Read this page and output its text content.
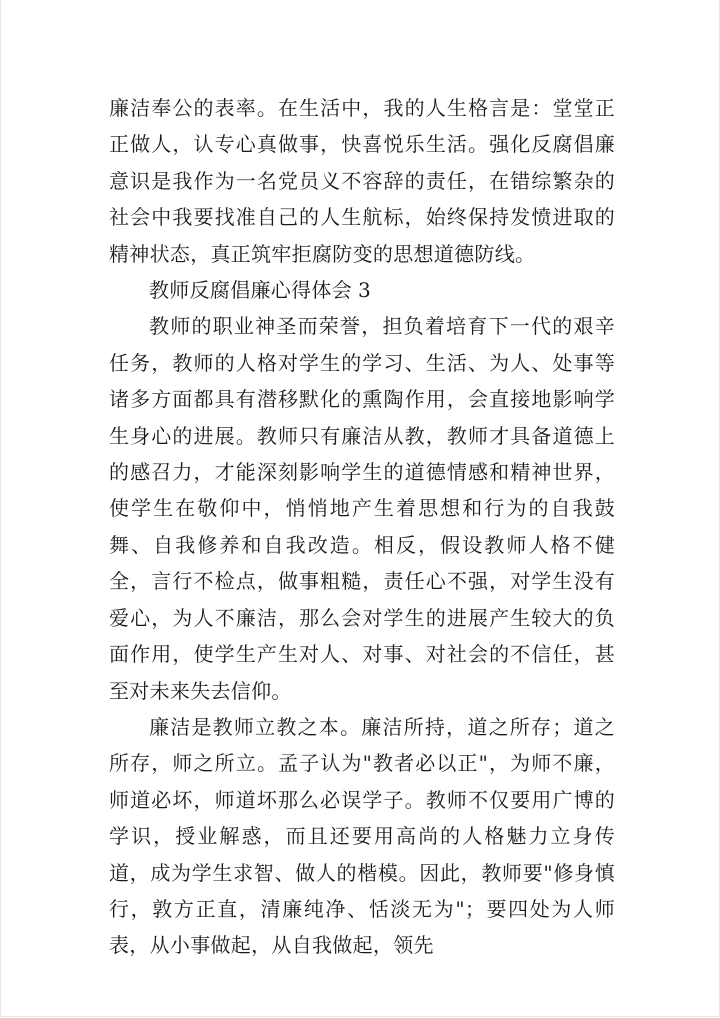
廉洁奉公的表率。在生活中，我的人生格言是：堂堂正正做人，认专心真做事，快喜悦乐生活。强化反腐倡廉意识是我作为一名党员义不容辞的责任，在错综繁杂的社会中我要找准自己的人生航标，始终保持发愤进取的精神状态，真正筑牢拒腐防变的思想道德防线。

教师反腐倡廉心得体会 3

教师的职业神圣而荣誉，担负着培育下一代的艰辛任务，教师的人格对学生的学习、生活、为人、处事等诸多方面都具有潜移默化的熏陶作用，会直接地影响学生身心的进展。教师只有廉洁从教，教师才具备道德上的感召力，才能深刻影响学生的道德情感和精神世界，使学生在敬仰中，悄悄地产生着思想和行为的自我鼓舞、自我修养和自我改造。相反，假设教师人格不健全，言行不检点，做事粗糙，责任心不强，对学生没有爱心，为人不廉洁，那么会对学生的进展产生较大的负面作用，使学生产生对人、对事、对社会的不信任，甚至对未来失去信仰。

廉洁是教师立教之本。廉洁所持，道之所存；道之所存，师之所立。孟子认为"教者必以正"，为师不廉，师道必坏，师道坏那么必误学子。教师不仅要用广博的学识，授业解惑，而且还要用高尚的人格魅力立身传道，成为学生求智、做人的楷模。因此，教师要"修身慎行，敦方正直，清廉纯净、恬淡无为"；要四处为人师表，从小事做起，从自我做起，领先
